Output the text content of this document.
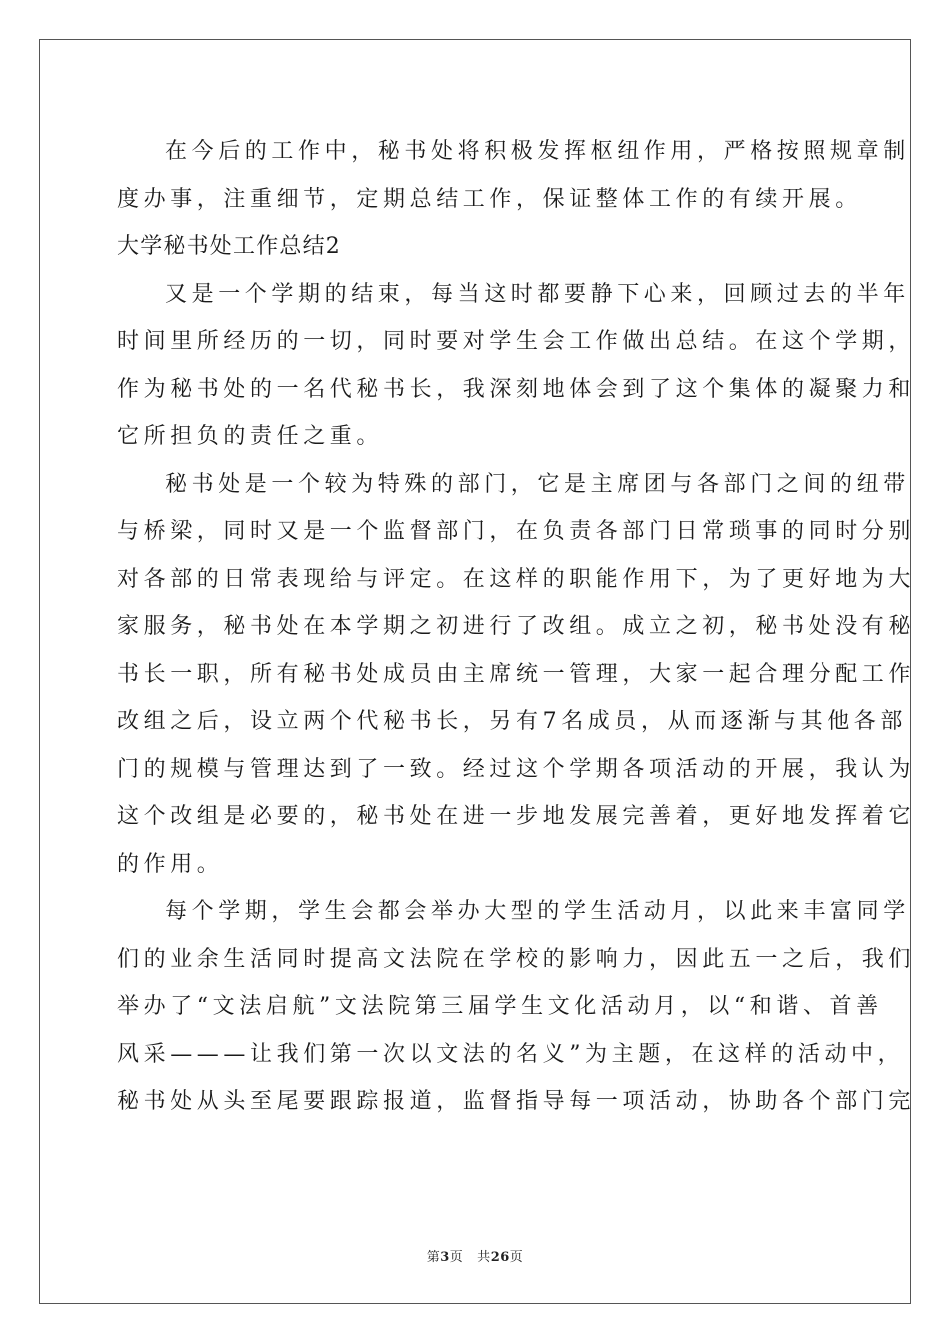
在今后的工作中，秘书处将积极发挥枢纽作用，严格按照规章制
度办事，注重细节，定期总结工作，保证整体工作的有续开展。
大学秘书处工作总结2
又是一个学期的结束，每当这时都要静下心来，回顾过去的半年
时间里所经历的一切，同时要对学生会工作做出总结。在这个学期，
作为秘书处的一名代秘书长，我深刻地体会到了这个集体的凝聚力和
它所担负的责任之重。
秘书处是一个较为特殊的部门，它是主席团与各部门之间的纽带
与桥梁，同时又是一个监督部门，在负责各部门日常琐事的同时分别
对各部的日常表现给与评定。在这样的职能作用下，为了更好地为大
家服务，秘书处在本学期之初进行了改组。成立之初，秘书处没有秘
书长一职，所有秘书处成员由主席统一管理，大家一起合理分配工作
改组之后，设立两个代秘书长，另有7名成员，从而逐渐与其他各部
门的规模与管理达到了一致。经过这个学期各项活动的开展，我认为
这个改组是必要的，秘书处在进一步地发展完善着，更好地发挥着它
的作用。
每个学期，学生会都会举办大型的学生活动月，以此来丰富同学
们的业余生活同时提高文法院在学校的影响力，因此五一之后，我们
举办了“文法启航”文法院第三届学生文化活动月，以“和谐、首善
风采———让我们第一次以文法的名义”为主题，在这样的活动中，
秘书处从头至尾要跟踪报道，监督指导每一项活动，协助各个部门完
第3页 共26页
